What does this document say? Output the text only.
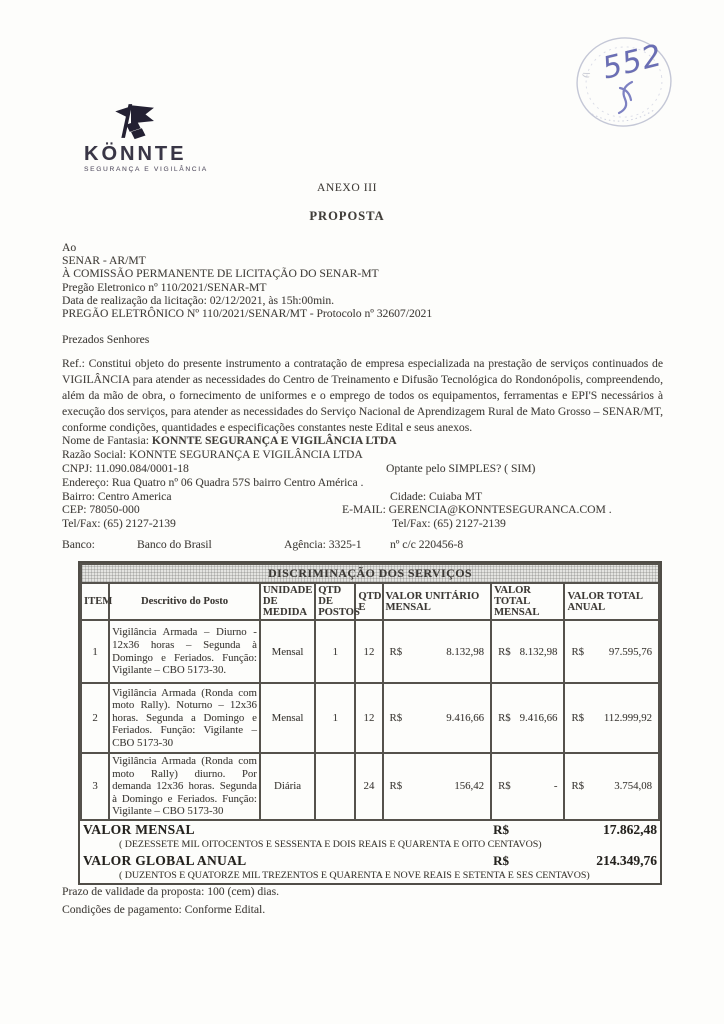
552
(\
KÖNNTE
SEGURANÇA E VIGILÂNCIA
ANEXO III
PROPOSTA
Ao
SENAR - AR/MT
À COMISSÃO PERMANENTE DE LICITAÇÃO DO SENAR-MT
Pregão Eletronico nº 110/2021/SENAR-MT
Data de realização da licitação: 02/12/2021, às 15h:00min.
PREGÃO ELETRÔNICO Nº 110/2021/SENAR/MT - Protocolo nº 32607/2021
Prezados Senhores

Ref.: Constitui objeto do presente instrumento a contratação de empresa especializada na prestação de serviços continuados de VIGILÂNCIA para atender as necessidades do Centro de Treinamento e Difusão Tecnológica do Rondonópolis, compreendendo, além da mão de obra, o fornecimento de uniformes e o emprego de todos os equipamentos, ferramentas e EPI'S necessários à execução dos serviços, para atender as necessidades do Serviço Nacional de Aprendizagem Rural de Mato Grosso – SENAR/MT, conforme condições, quantidades e especificações constantes neste Edital e seus anexos.

Nome de Fantasia: KONNTE SEGURANÇA E VIGILÂNCIA LTDA
Razão Social: KONNTE SEGURANÇA E VIGILÂNCIA LTDA
CNPJ: 11.090.084/0001-18	Optante pelo SIMPLES? ( SIM)
Endereço: Rua Quatro nº 06 Quadra 57S bairro Centro América .
Bairro: Centro America	Cidade: Cuiaba MT
CEP: 78050-000	E-MAIL: GERENCIA@KONNTESEGURANCA.COM .
Tel/Fax: (65) 2127-2139	Tel/Fax: (65) 2127-2139
Banco:	Banco do Brasil	Agência: 3325-1 nº c/c 220456-8
DISCRIMINAÇÃO DOS SERVIÇOS							
ITEM	Descritivo do Posto	UNIDADE DE MEDIDA	QTD DE POSTOS	QTD E	VALOR UNITÁRIO MENSAL	VALOR TOTAL MENSAL	VALOR TOTAL ANUAL
1	Vigilância Armada – Diurno - 12x36 horas – Segunda à Domingo e Feriados. Função: Vigilante – CBO 5173-30.	Mensal	1	12	R$ 8.132,98	R$ 8.132,98	R$ 97.595,76

2	Vigilância Armada (Ronda com moto Rally). Noturno – 12x36 horas. Segunda a Domingo e Feriados. Função: Vigilante – CBO 5173-30	Mensal	1	12	R$ 9.416,66	R$ 9.416,66	R$ 112.999,92

3	Vigilância Armada (Ronda com moto Rally) diurno. Por demanda 12x36 horas. Segunda à Domingo e Feriados. Função: Vigilante – CBO 5173-30	Diária		24	R$ 156,42	R$ -	R$ 3.754,08

VALOR MENSAL						R$	17.862,48
( DEZESSETE MIL OITOCENTOS E SESSENTA E DOIS REAIS E QUARENTA E OITO CENTAVOS)							
VALOR GLOBAL ANUAL						R$	214.349,76
( DUZENTOS E QUATORZE MIL TREZENTOS E QUARENTA E NOVE REAIS E SETENTA E SES CENTAVOS)							
Prazo de validade da proposta: 100 (cem) dias.
Condições de pagamento: Conforme Edital.
